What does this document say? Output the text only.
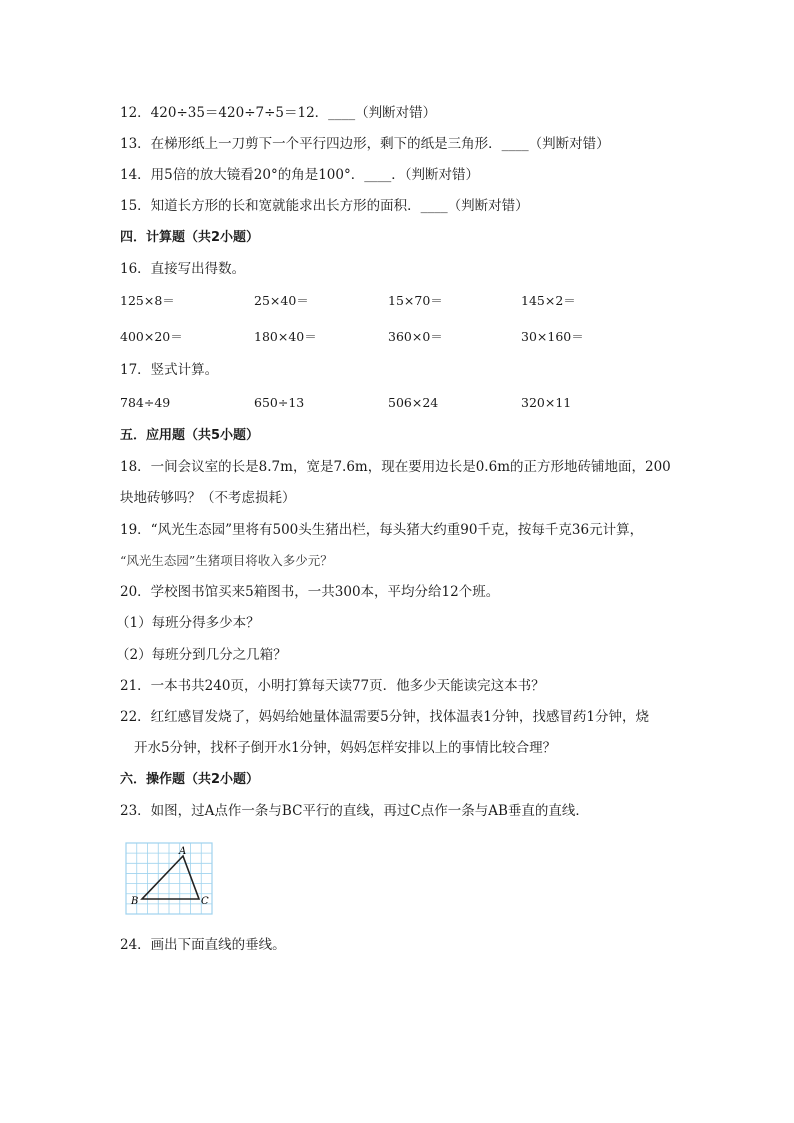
12．420÷35＝420÷7÷5＝12．____（判断对错）
13．在梯形纸上一刀剪下一个平行四边形，剩下的纸是三角形．____（判断对错）
14．用5倍的放大镜看20°的角是100°．____．（判断对错）
15．知道长方形的长和宽就能求出长方形的面积．____（判断对错）
四．计算题（共2小题）
16．直接写出得数。
125×8＝	25×40＝	15×70＝	145×2＝
400×20＝	180×40＝	360×0＝	30×160＝
17．竖式计算。
784÷49	650÷13	506×24	320×11
五．应用题（共5小题）
18．一间会议室的长是8.7m，宽是7.6m，现在要用边长是0.6m的正方形地砖铺地面，200
块地砖够吗？（不考虑损耗）
19．“风光生态园”里将有500头生猪出栏，每头猪大约重90千克，按每千克36元计算，
“风光生态园”生猪项目将收入多少元？
20．学校图书馆买来5箱图书，一共300本，平均分给12个班。
（1）每班分得多少本？
（2）每班分到几分之几箱？
21．一本书共240页，小明打算每天读77页．他多少天能读完这本书？
22．红红感冒发烧了，妈妈给她量体温需要5分钟，找体温表1分钟，找感冒药1分钟，烧
开水5分钟，找杯子倒开水1分钟，妈妈怎样安排以上的事情比较合理？
六．操作题（共2小题）
23．如图，过A点作一条与BC平行的直线，再过C点作一条与AB垂直的直线．
A
B	C
24．画出下面直线的垂线。
